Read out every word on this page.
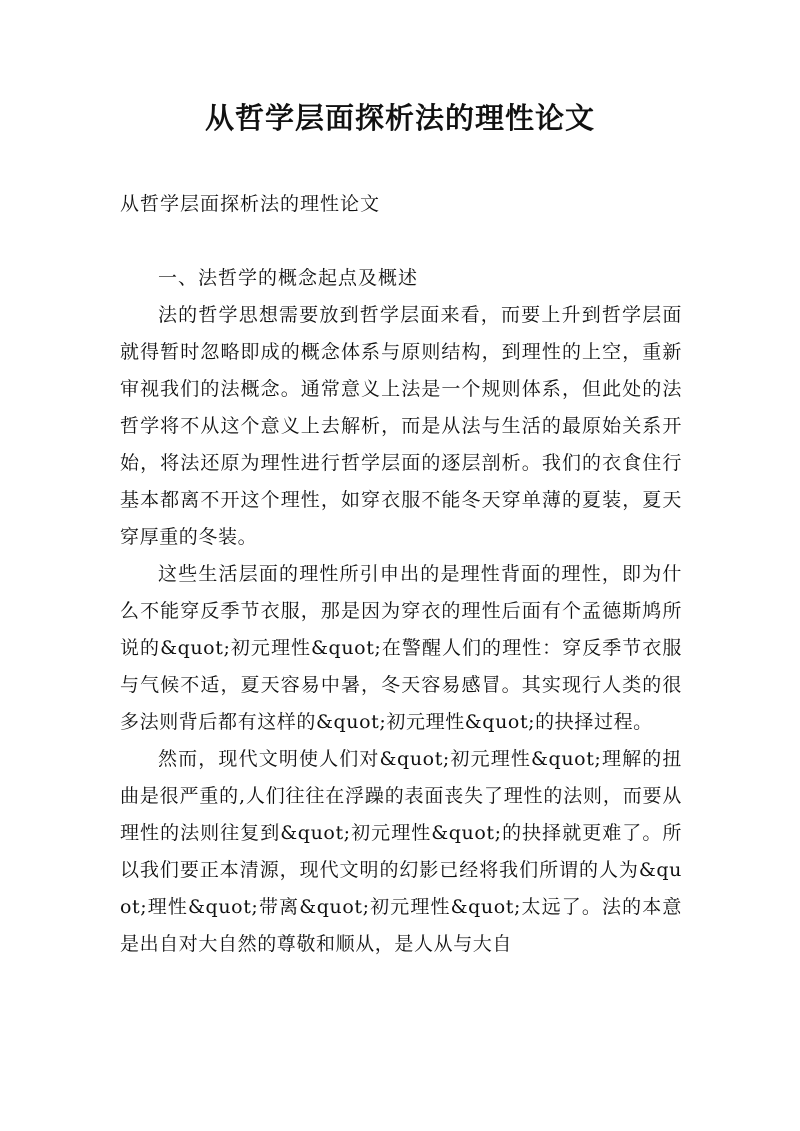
从哲学层面探析法的理性论文
从哲学层面探析法的理性论文

一、法哲学的概念起点及概述

法的哲学思想需要放到哲学层面来看，而要上升到哲学层面就得暂时忽略即成的概念体系与原则结构，到理性的上空，重新审视我们的法概念。通常意义上法是一个规则体系，但此处的法哲学将不从这个意义上去解析，而是从法与生活的最原始关系开始，将法还原为理性进行哲学层面的逐层剖析。我们的衣食住行基本都离不开这个理性，如穿衣服不能冬天穿单薄的夏装，夏天穿厚重的冬装。

这些生活层面的理性所引申出的是理性背面的理性，即为什么不能穿反季节衣服，那是因为穿衣的理性后面有个孟德斯鸠所说的&quot;初元理性&quot;在警醒人们的理性：穿反季节衣服与气候不适，夏天容易中暑，冬天容易感冒。其实现行人类的很多法则背后都有这样的&quot;初元理性&quot;的抉择过程。

然而，现代文明使人们对&quot;初元理性&quot;理解的扭曲是很严重的,人们往往在浮躁的表面丧失了理性的法则，而要从理性的法则往复到&quot;初元理性&quot;的抉择就更难了。所以我们要正本清源，现代文明的幻影已经将我们所谓的人为&quot;理性&quot;带离&quot;初元理性&quot;太远了。法的本意是出自对大自然的尊敬和顺从，是人从与大自
